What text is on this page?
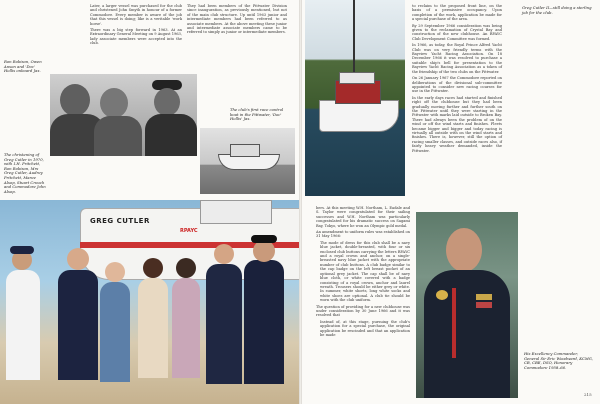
Later, a larger vessel was purchased for the club and christened John Smyth in honour of a former Commodore. Every member is aware of the job that this vessel is doing; like is a veritable 'work horse'.

There was a big step forward in 1963. At an Extraordinary General Meeting on 9 August 1963, lady associate members were accepted into the club.

They had been members of the Pittwater Division since inauguration, as previously mentioned, but not of the main club structure. Up until 1963 junior and intermediate members had been referred to as associate members. At the above meeting these junior and intermediate associate members came to be referred to simply as junior or intermediate members.

Ron Robison, Owen Anson and 'Doc' Hollis onboard Jax.
The club's first race control boat in the Pittwater, 'Doc' Hollis' Jax.
The christening of Greg Cutler in 1970, with I.H. Pritchett, Ron Robison, Mrs Greg Cutler, Audrey Pritchett, Maree Alsop, Stuart Crouch and Commodore John Alsop.
GREG CUTLER
RPAYC

to reclaim to the proposed front line, on the basis of a permissive occupancy. Upon completion of the work, application be made for a special purchase of the area.

By 29 September 1966 consideration was being given to the reclamation of Crystal Bay and construction of the new clubhouse. An RPAYC Club Development Committee was formed.

In 1966, as today, the Royal Prince Alfred Yacht Club was on very friendly terms with the Bayview Yacht Racing Association. On 18 December 1966 it was resolved to purchase a suitable ship's bell for presentation to the Bayview Yacht Racing Association as a token of the friendship of the two clubs on the Pittwater.

On 26 January 1967 the Commodore reported on deliberations of the divisional sub-committee appointed to consider new racing courses for use in the Pittwater.

In the early days races had started and finished right off the clubhouse but they had been gradually moving further and further south on the Pittwater until they were starting in the Pittwater with marks laid outside to Broken Bay. There had always been the problem of on the wind or off the wind starts and finishes. Fleets became bigger and bigger and today racing is virtually all outside with on the wind starts and finishes. There is, however, still the option of racing smaller classes, and outside races also, if fairly heavy weather demanded, inside the Pittwater.

Greg Cutler II—still doing a sterling job for the club.

bers. At this meeting W.H. Northam, L. Eadale and S. Taylor were congratulated for their sailing successes and W.H. Northam was particularly congratulated for his dramatic success on Sagami Bay, Tokyo, where he won an Olympic gold medal.

An amendment to uniform rules was established on 31 May 1966:

The mode of dress for this club shall be a navy blue jacket, double-breasted, with four or six enclosed club buttons carrying the letters RPAYC and a royal crown and anchor, on a single-breasted navy blue jacket with the appropriate number of club buttons. A club badge similar to the cap badge on the left breast pocket of an optional grey jacket. The cap shall be of navy blue cloth, or white covered with a badge consisting of a royal crown, anchor and laurel wreath. Trousers should be either grey or white. In summer, white shorts, long white socks and white shoes are optional. A club tie should be worn with the club uniform.

The question of providing for a new clubhouse was under consideration by 30 June 1966 and it was resolved that

Instead of, at this stage, pursuing the club's application for a special purchase, the original application be rescinded and that an application be made

His Excellency Commander, General Sir Eric Woodward, KCMG, CB, CBE, DSO, Honorary Commodore 1958–66.
215
